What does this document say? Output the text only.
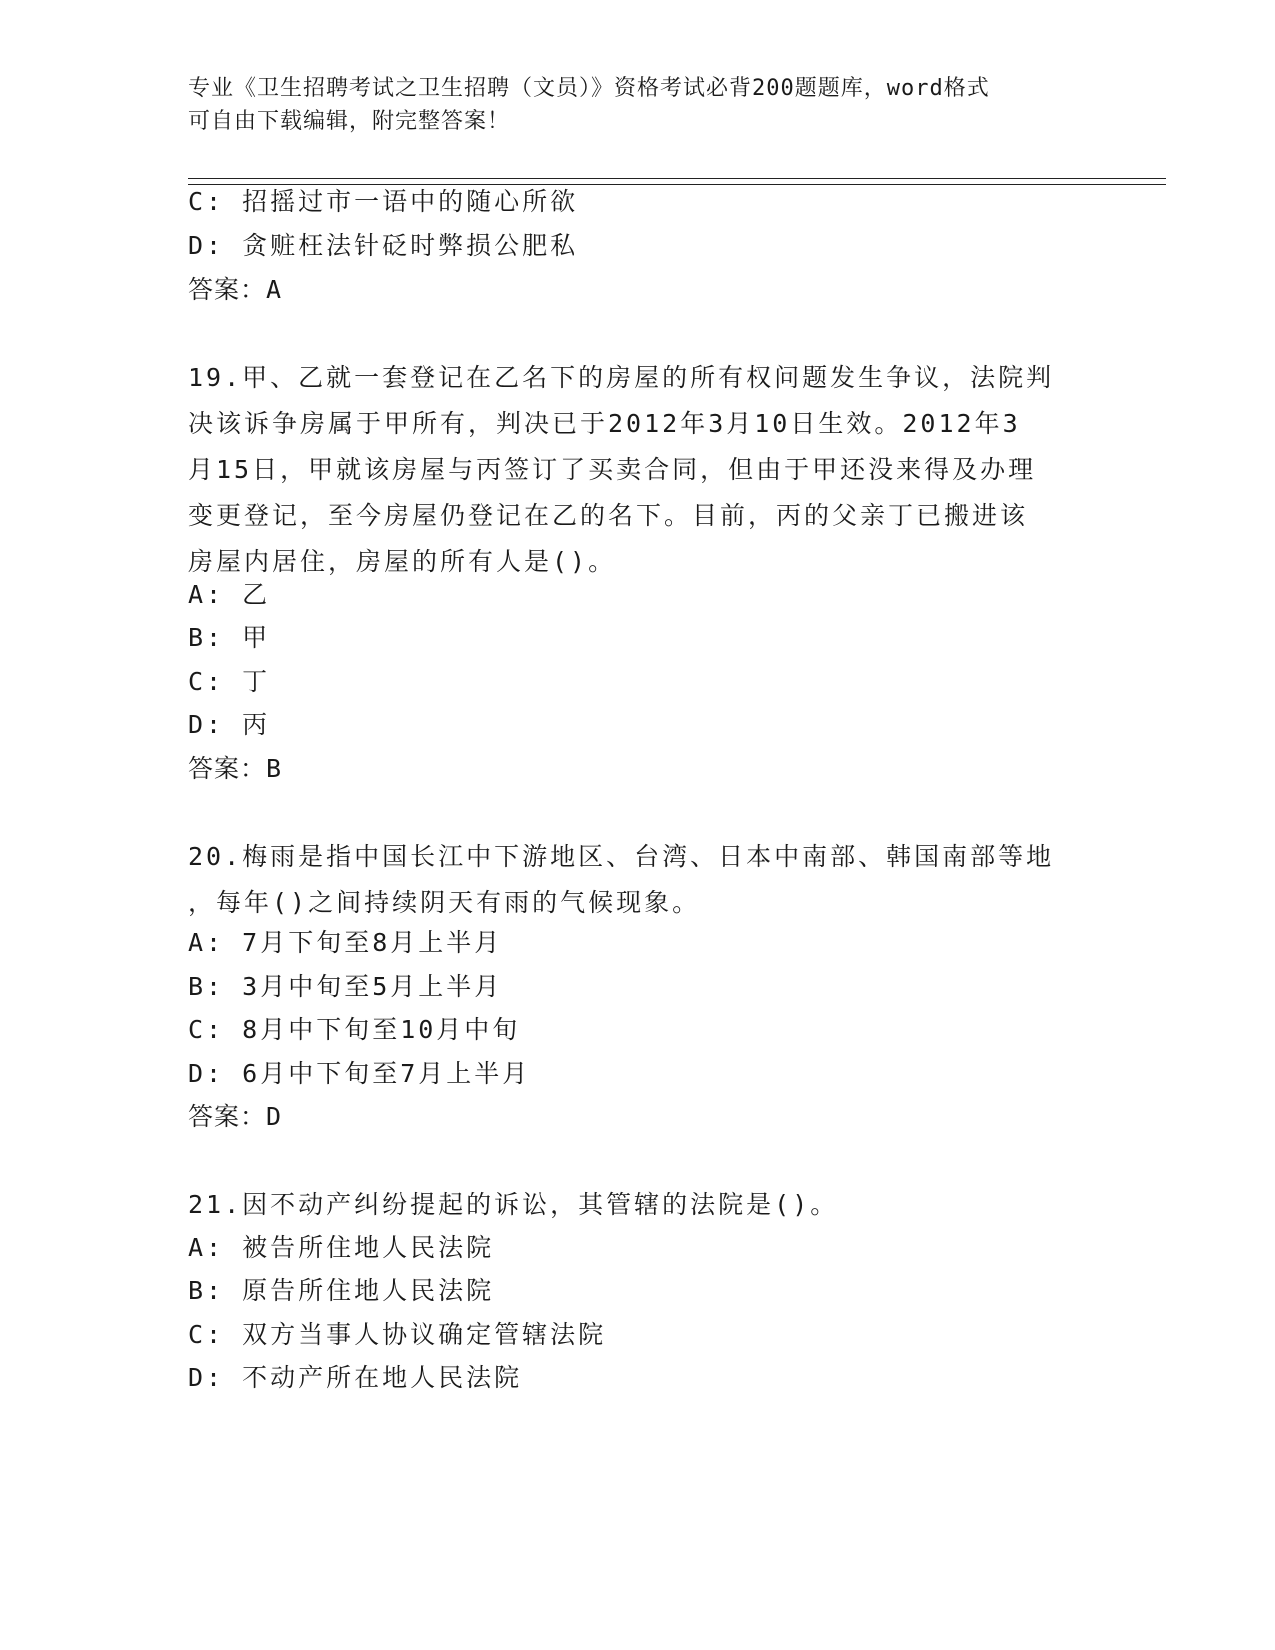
专业《卫生招聘考试之卫生招聘（文员）》资格考试必背200题题库，word格式
可自由下载编辑，附完整答案！
C: 招摇过市一语中的随心所欲
D: 贪赃枉法针砭时弊损公肥私
答案：A
19.甲、乙就一套登记在乙名下的房屋的所有权问题发生争议，法院判
决该诉争房属于甲所有，判决已于2012年3月10日生效。2012年3
月15日，甲就该房屋与丙签订了买卖合同，但由于甲还没来得及办理
变更登记，至今房屋仍登记在乙的名下。目前，丙的父亲丁已搬进该
房屋内居住，房屋的所有人是()。
A: 乙
B: 甲
C: 丁
D: 丙
答案：B
20.梅雨是指中国长江中下游地区、台湾、日本中南部、韩国南部等地
，每年()之间持续阴天有雨的气候现象。
A: 7月下旬至8月上半月
B: 3月中旬至5月上半月
C: 8月中下旬至10月中旬
D: 6月中下旬至7月上半月
答案：D
21.因不动产纠纷提起的诉讼，其管辖的法院是()。
A: 被告所住地人民法院
B: 原告所住地人民法院
C: 双方当事人协议确定管辖法院
D: 不动产所在地人民法院
